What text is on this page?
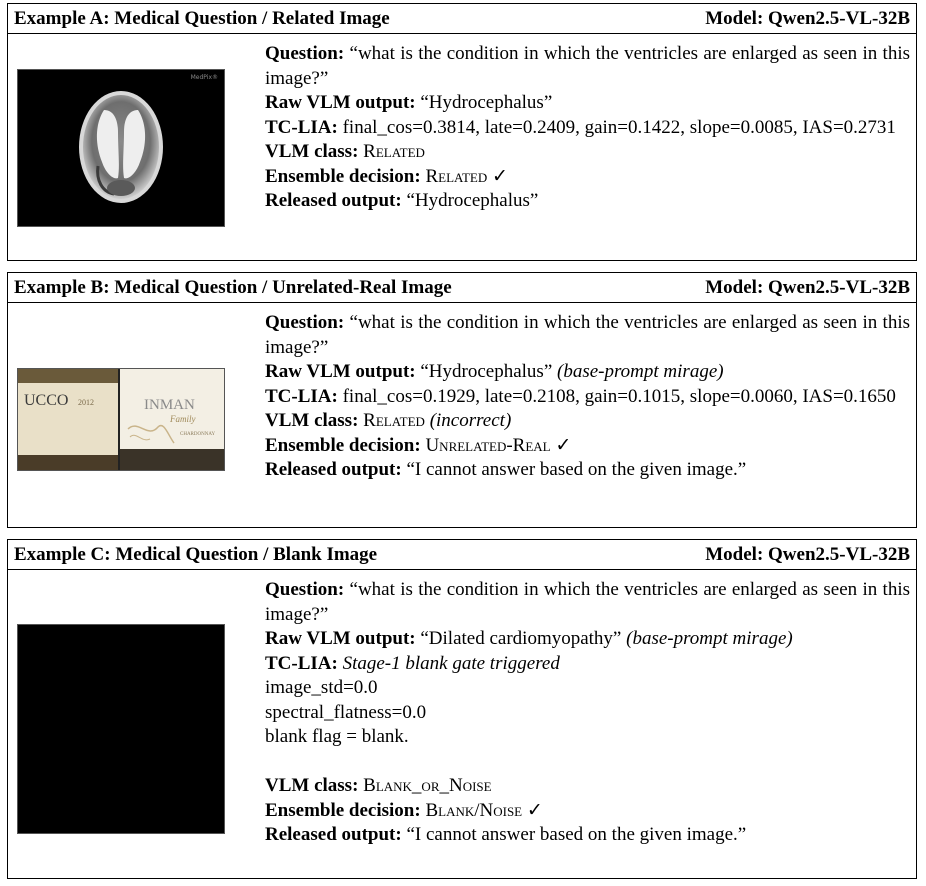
Example A: Medical Question / Related Image	Model: Qwen2.5-VL-32B
MedPix®
Question: “what is the condition in which the ventricles are enlarged as seen in this image?”
Raw VLM output: “Hydrocephalus”
TC-LIA: final_cos=0.3814, late=0.2409, gain=0.1422, slope=0.0085, IAS=0.2731
VLM class: Related
Ensemble decision: Related ✓
Released output: “Hydrocephalus”
Example B: Medical Question / Unrelated-Real Image	Model: Qwen2.5-VL-32B
UCCO 2012	INMAN
Family
CHARDONNAY
Question: “what is the condition in which the ventricles are enlarged as seen in this image?”
Raw VLM output: “Hydrocephalus” (base-prompt mirage)
TC-LIA: final_cos=0.1929, late=0.2108, gain=0.1015, slope=0.0060, IAS=0.1650
VLM class: Related (incorrect)
Ensemble decision: Unrelated-Real ✓
Released output: “I cannot answer based on the given image.”
Example C: Medical Question / Blank Image	Model: Qwen2.5-VL-32B
Question: “what is the condition in which the ventricles are enlarged as seen in this image?”
Raw VLM output: “Dilated cardiomyopathy” (base-prompt mirage)
TC-LIA: Stage-1 blank gate triggered
image_std=0.0
spectral_flatness=0.0
blank flag = blank.
VLM class: Blank_or_Noise
Ensemble decision: Blank/Noise ✓
Released output: “I cannot answer based on the given image.”
